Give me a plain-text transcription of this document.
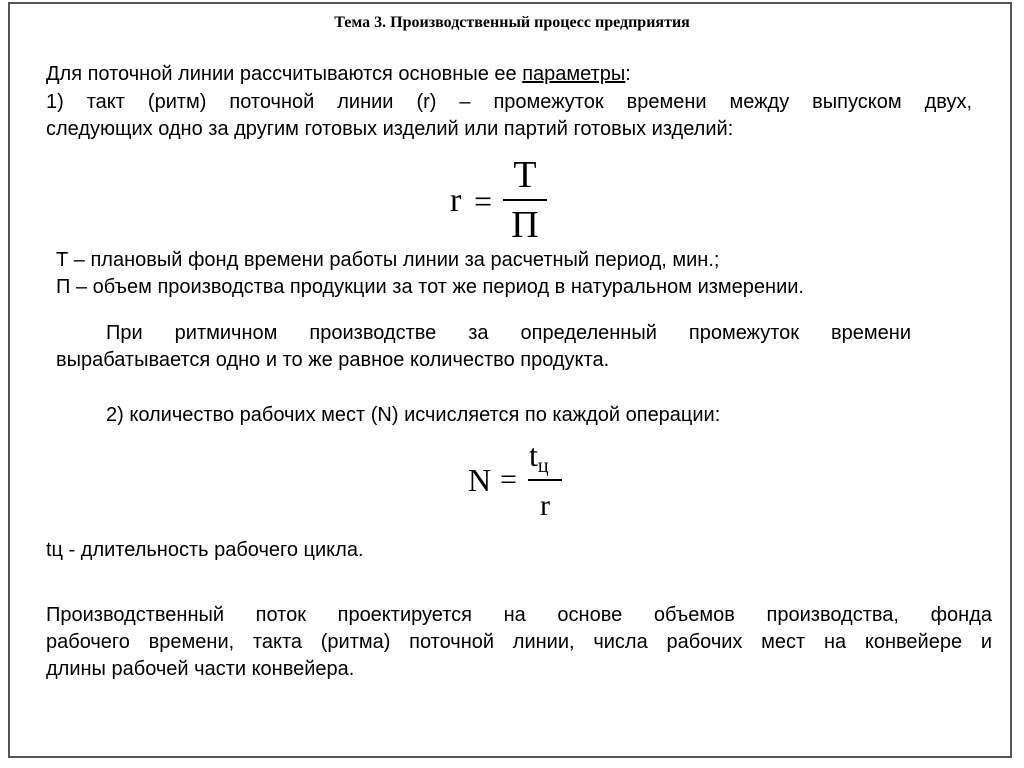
Тема 3. Производственный процесс предприятия
Для поточной линии рассчитываются основные ее параметры:
1) такт (ритм) поточной линии (r) – промежуток времени между выпуском двух,
следующих одно за другим готовых изделий или партий готовых изделий:
r =
T
П
Т – плановый фонд времени работы линии за расчетный период, мин.;
П – объем производства продукции за тот же период в натуральном измерении.
При ритмичном производстве за определенный промежуток времени
вырабатывается одно и то же равное количество продукта.
2) количество рабочих мест (N) исчисляется по каждой операции:
N =
tц
r
tц - длительность рабочего цикла.
Производственный поток проектируется на основе объемов производства, фонда
рабочего времени, такта (ритма) поточной линии, числа рабочих мест на конвейере и
длины рабочей части конвейера.
